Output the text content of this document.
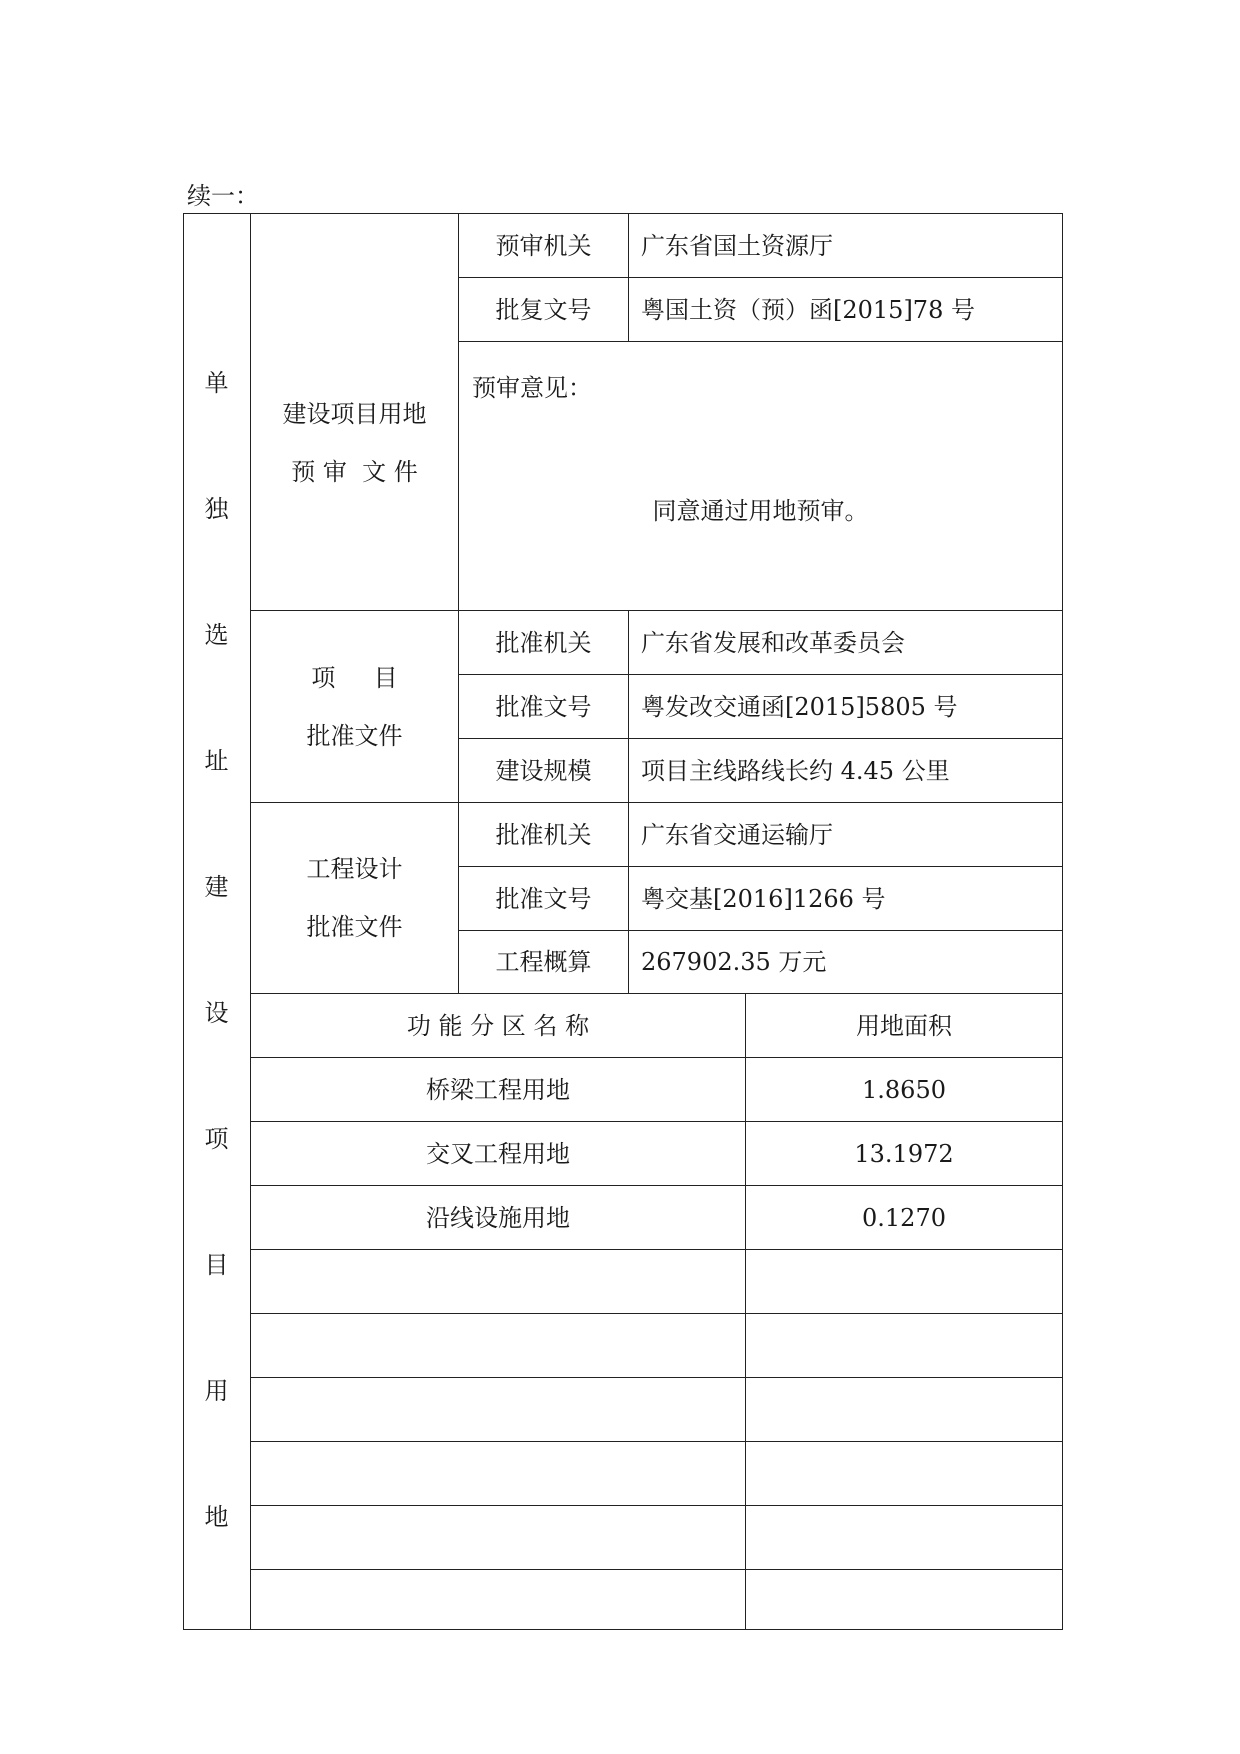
续一：
单
独
选
址
建
设
项
目
用
地
建设项目用地
预 审  文 件
预审机关	广东省国土资源厅
批复文号	粤国土资（预）函[2015]78 号
预审意见：
同意通过用地预审。
项     目
批准文件
批准机关	广东省发展和改革委员会
批准文号	粤发改交通函[2015]5805 号
建设规模	项目主线路线长约 4.45 公里
工程设计
批准文件
批准机关	广东省交通运输厅
批准文号	粤交基[2016]1266 号
工程概算	267902.35 万元
功 能 分 区 名 称	用地面积
桥梁工程用地	1.8650
交叉工程用地	13.1972
沿线设施用地	0.1270
